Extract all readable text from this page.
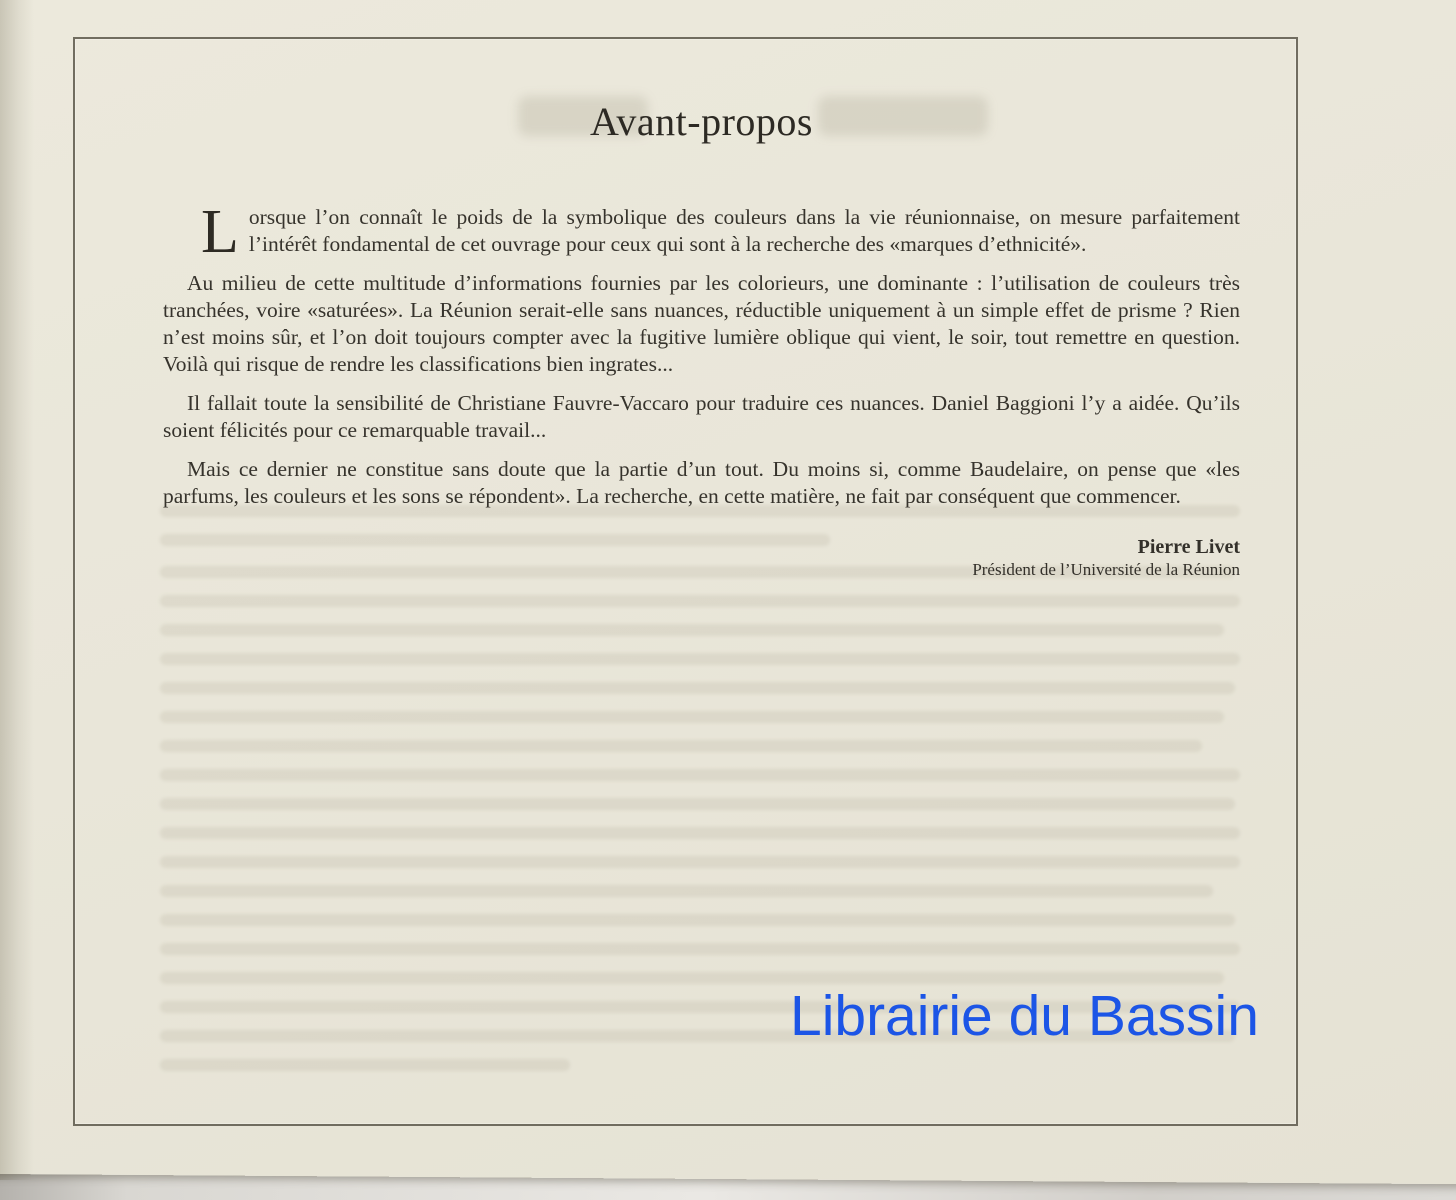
Avant-propos

Lorsque l’on connaît le poids de la symbolique des couleurs dans la vie réunionnaise, on mesure parfaitement l’intérêt fondamental de cet ouvrage pour ceux qui sont à la recherche des «marques d’ethnicité».

Au milieu de cette multitude d’informations fournies par les colorieurs, une dominante : l’utilisation de couleurs très tranchées, voire «saturées». La Réunion serait-elle sans nuances, réductible uniquement à un simple effet de prisme ? Rien n’est moins sûr, et l’on doit toujours compter avec la fugitive lumière oblique qui vient, le soir, tout remettre en question. Voilà qui risque de rendre les classifications bien ingrates...

Il fallait toute la sensibilité de Christiane Fauvre-Vaccaro pour traduire ces nuances. Daniel Baggioni l’y a aidée. Qu’ils soient félicités pour ce remarquable travail...

Mais ce dernier ne constitue sans doute que la partie d’un tout. Du moins si, comme Baudelaire, on pense que «les parfums, les couleurs et les sons se répondent». La recherche, en cette matière, ne fait par conséquent que commencer.

Pierre Livet
Président de l’Université de la Réunion
Librairie du Bassin
